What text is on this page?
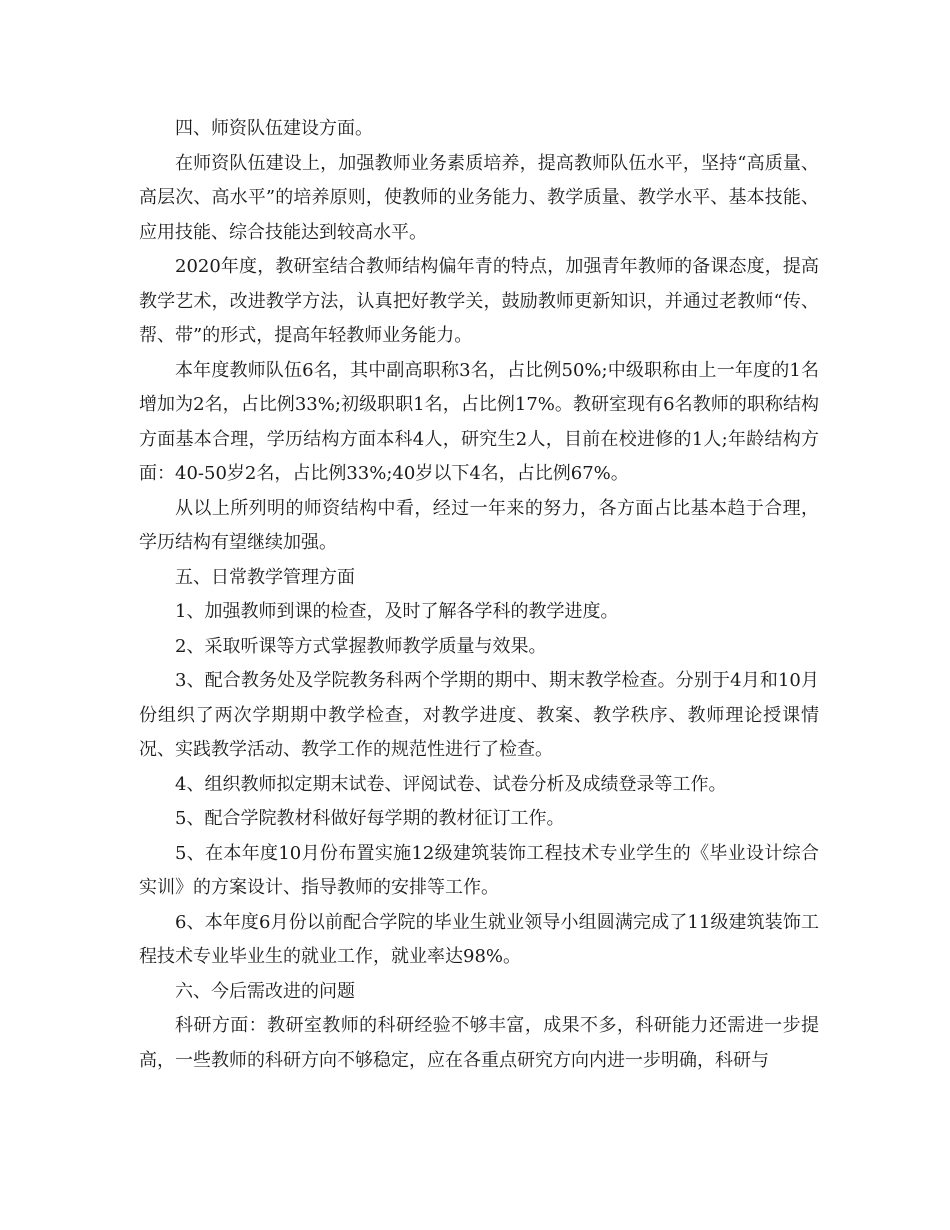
四、师资队伍建设方面。

在师资队伍建设上，加强教师业务素质培养，提高教师队伍水平，坚持“高质量、高层次、高水平”的培养原则，使教师的业务能力、教学质量、教学水平、基本技能、应用技能、综合技能达到较高水平。

2020年度，教研室结合教师结构偏年青的特点，加强青年教师的备课态度，提高教学艺术，改进教学方法，认真把好教学关，鼓励教师更新知识，并通过老教师“传、帮、带”的形式，提高年轻教师业务能力。

本年度教师队伍6名，其中副高职称3名，占比例50%;中级职称由上一年度的1名增加为2名，占比例33%;初级职职1名，占比例17%。教研室现有6名教师的职称结构方面基本合理，学历结构方面本科4人，研究生2人，目前在校进修的1人;年龄结构方面：40-50岁2名，占比例33%;40岁以下4名，占比例67%。

从以上所列明的师资结构中看，经过一年来的努力，各方面占比基本趋于合理，学历结构有望继续加强。

五、日常教学管理方面

1、加强教师到课的检查，及时了解各学科的教学进度。

2、采取听课等方式掌握教师教学质量与效果。

3、配合教务处及学院教务科两个学期的期中、期末教学检查。分别于4月和10月份组织了两次学期期中教学检查，对教学进度、教案、教学秩序、教师理论授课情况、实践教学活动、教学工作的规范性进行了检查。

4、组织教师拟定期末试卷、评阅试卷、试卷分析及成绩登录等工作。

5、配合学院教材科做好每学期的教材征订工作。

5、在本年度10月份布置实施12级建筑装饰工程技术专业学生的《毕业设计综合实训》的方案设计、指导教师的安排等工作。

6、本年度6月份以前配合学院的毕业生就业领导小组圆满完成了11级建筑装饰工程技术专业毕业生的就业工作，就业率达98%。

六、今后需改进的问题

科研方面：教研室教师的科研经验不够丰富，成果不多，科研能力还需进一步提高，一些教师的科研方向不够稳定，应在各重点研究方向内进一步明确，科研与
